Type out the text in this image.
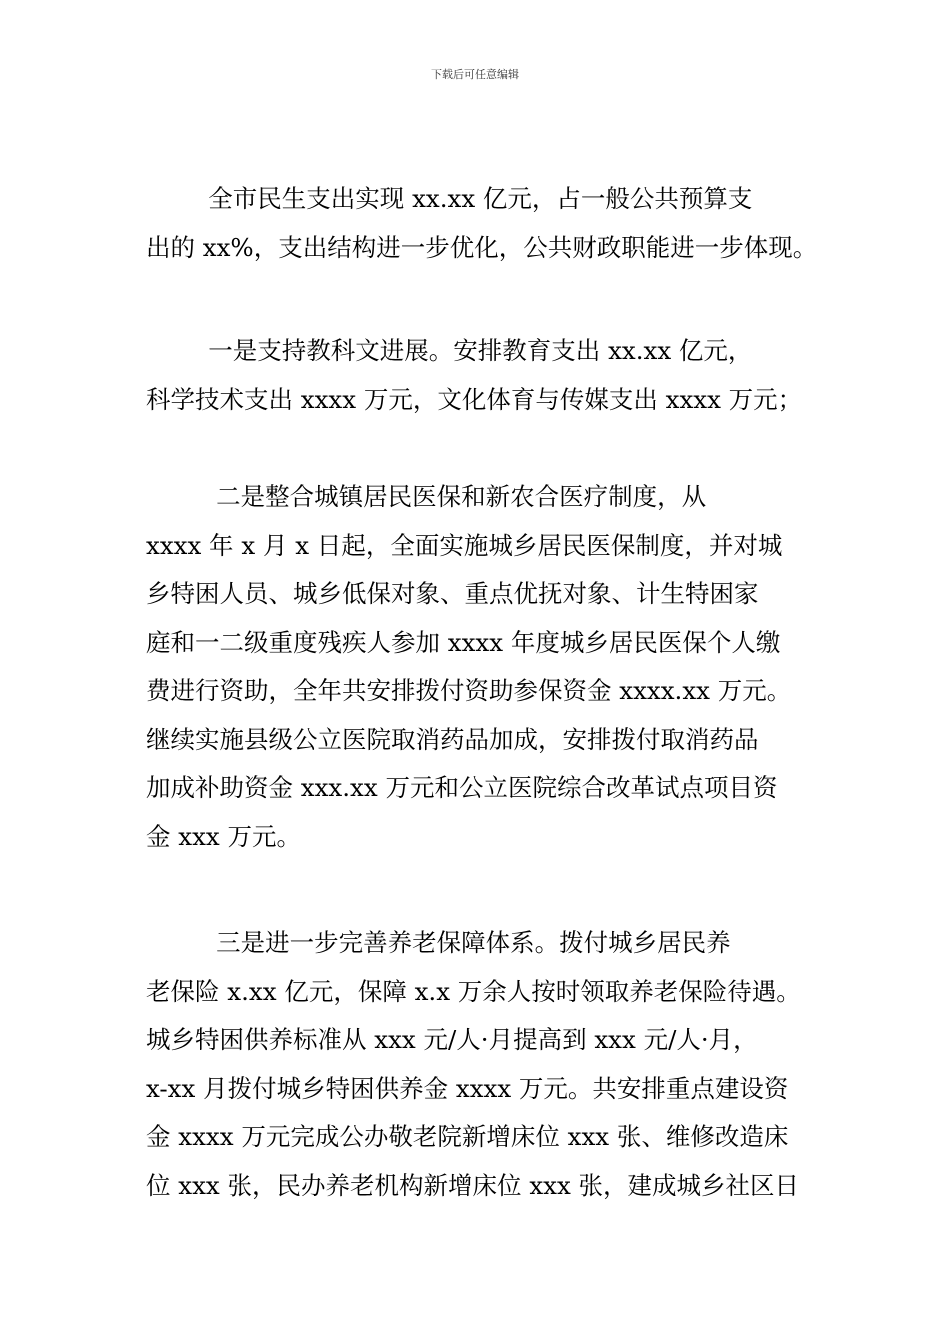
下载后可任意编辑
全市民生支出实现 xx.xx 亿元，占一般公共预算支
出的 xx%，支出结构进一步优化，公共财政职能进一步体现。
一是支持教科文进展。安排教育支出 xx.xx 亿元，
科学技术支出 xxxx 万元，文化体育与传媒支出 xxxx 万元；
二是整合城镇居民医保和新农合医疗制度，从
xxxx 年 x 月 x 日起，全面实施城乡居民医保制度，并对城
乡特困人员、城乡低保对象、重点优抚对象、计生特困家
庭和一二级重度残疾人参加 xxxx 年度城乡居民医保个人缴
费进行资助，全年共安排拨付资助参保资金 xxxx.xx 万元。
继续实施县级公立医院取消药品加成，安排拨付取消药品
加成补助资金 xxx.xx 万元和公立医院综合改革试点项目资
金 xxx 万元。
三是进一步完善养老保障体系。拨付城乡居民养
老保险 x.xx 亿元，保障 x.x 万余人按时领取养老保险待遇。
城乡特困供养标准从 xxx 元/人·月提高到 xxx 元/人·月，
x-xx 月拨付城乡特困供养金 xxxx 万元。共安排重点建设资
金 xxxx 万元完成公办敬老院新增床位 xxx 张、维修改造床
位 xxx 张，民办养老机构新增床位 xxx 张，建成城乡社区日
